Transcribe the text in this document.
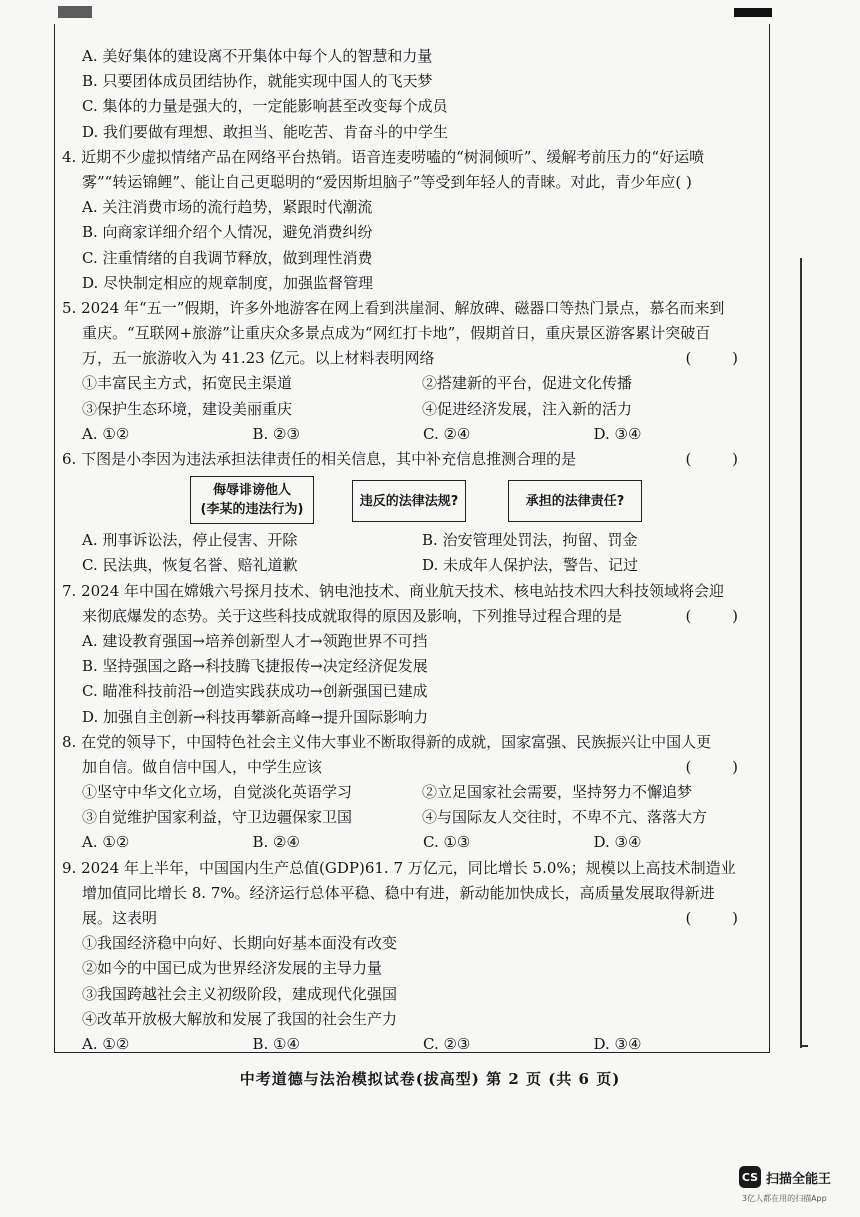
A. 美好集体的建设离不开集体中每个人的智慧和力量
B. 只要团体成员团结协作，就能实现中国人的飞天梦
C. 集体的力量是强大的，一定能影响甚至改变每个成员
D. 我们要做有理想、敢担当、能吃苦、肯奋斗的中学生
4. 近期不少虚拟情绪产品在网络平台热销。语音连麦唠嗑的“树洞倾听”、缓解考前压力的“好运喷
雾”“转运锦鲤”、能让自己更聪明的“爱因斯坦脑子”等受到年轻人的青睐。对此，青少年应( )
A. 关注消费市场的流行趋势，紧跟时代潮流
B. 向商家详细介绍个人情况，避免消费纠纷
C. 注重情绪的自我调节释放，做到理性消费
D. 尽快制定相应的规章制度，加强监督管理
5. 2024 年“五一”假期，许多外地游客在网上看到洪崖洞、解放碑、磁器口等热门景点，慕名而来到
重庆。“互联网+旅游”让重庆众多景点成为“网红打卡地”，假期首日，重庆景区游客累计突破百
万，五一旅游收入为 41.23 亿元。以上材料表明网络	( )
①丰富民主方式，拓宽民主渠道	②搭建新的平台，促进文化传播
③保护生态环境，建设美丽重庆	④促进经济发展，注入新的活力
A. ①②	B. ②③	C. ②④	D. ③④
6. 下图是小李因为违法承担法律责任的相关信息，其中补充信息推测合理的是	( )
侮辱诽谤他人
(李某的违法行为)
违反的法律法规?	承担的法律责任?
A. 刑事诉讼法，停止侵害、开除	B. 治安管理处罚法，拘留、罚金
C. 民法典，恢复名誉、赔礼道歉	D. 未成年人保护法，警告、记过
7. 2024 年中国在嫦娥六号探月技术、钠电池技术、商业航天技术、核电站技术四大科技领域将会迎
来彻底爆发的态势。关于这些科技成就取得的原因及影响，下列推导过程合理的是	( )
A. 建设教育强国→培养创新型人才→领跑世界不可挡
B. 坚持强国之路→科技腾飞捷报传→决定经济促发展
C. 瞄准科技前沿→创造实践获成功→创新强国已建成
D. 加强自主创新→科技再攀新高峰→提升国际影响力
8. 在党的领导下，中国特色社会主义伟大事业不断取得新的成就，国家富强、民族振兴让中国人更
加自信。做自信中国人，中学生应该	( )
①坚守中华文化立场，自觉淡化英语学习	②立足国家社会需要，坚持努力不懈追梦
③自觉维护国家利益，守卫边疆保家卫国	④与国际友人交往时，不卑不亢、落落大方
A. ①②	B. ②④	C. ①③	D. ③④
9. 2024 年上半年，中国国内生产总值(GDP)61. 7 万亿元，同比增长 5.0%；规模以上高技术制造业
增加值同比增长 8. 7%。经济运行总体平稳、稳中有进，新动能加快成长，高质量发展取得新进
展。这表明	( )
①我国经济稳中向好、长期向好基本面没有改变
②如今的中国已成为世界经济发展的主导力量
③我国跨越社会主义初级阶段，建成现代化强国
④改革开放极大解放和发展了我国的社会生产力
A. ①②	B. ①④	C. ②③	D. ③④
中考道德与法治模拟试卷(拔高型) 第 2 页 (共 6 页)
CS 扫描全能王
3亿人都在用的扫描App
